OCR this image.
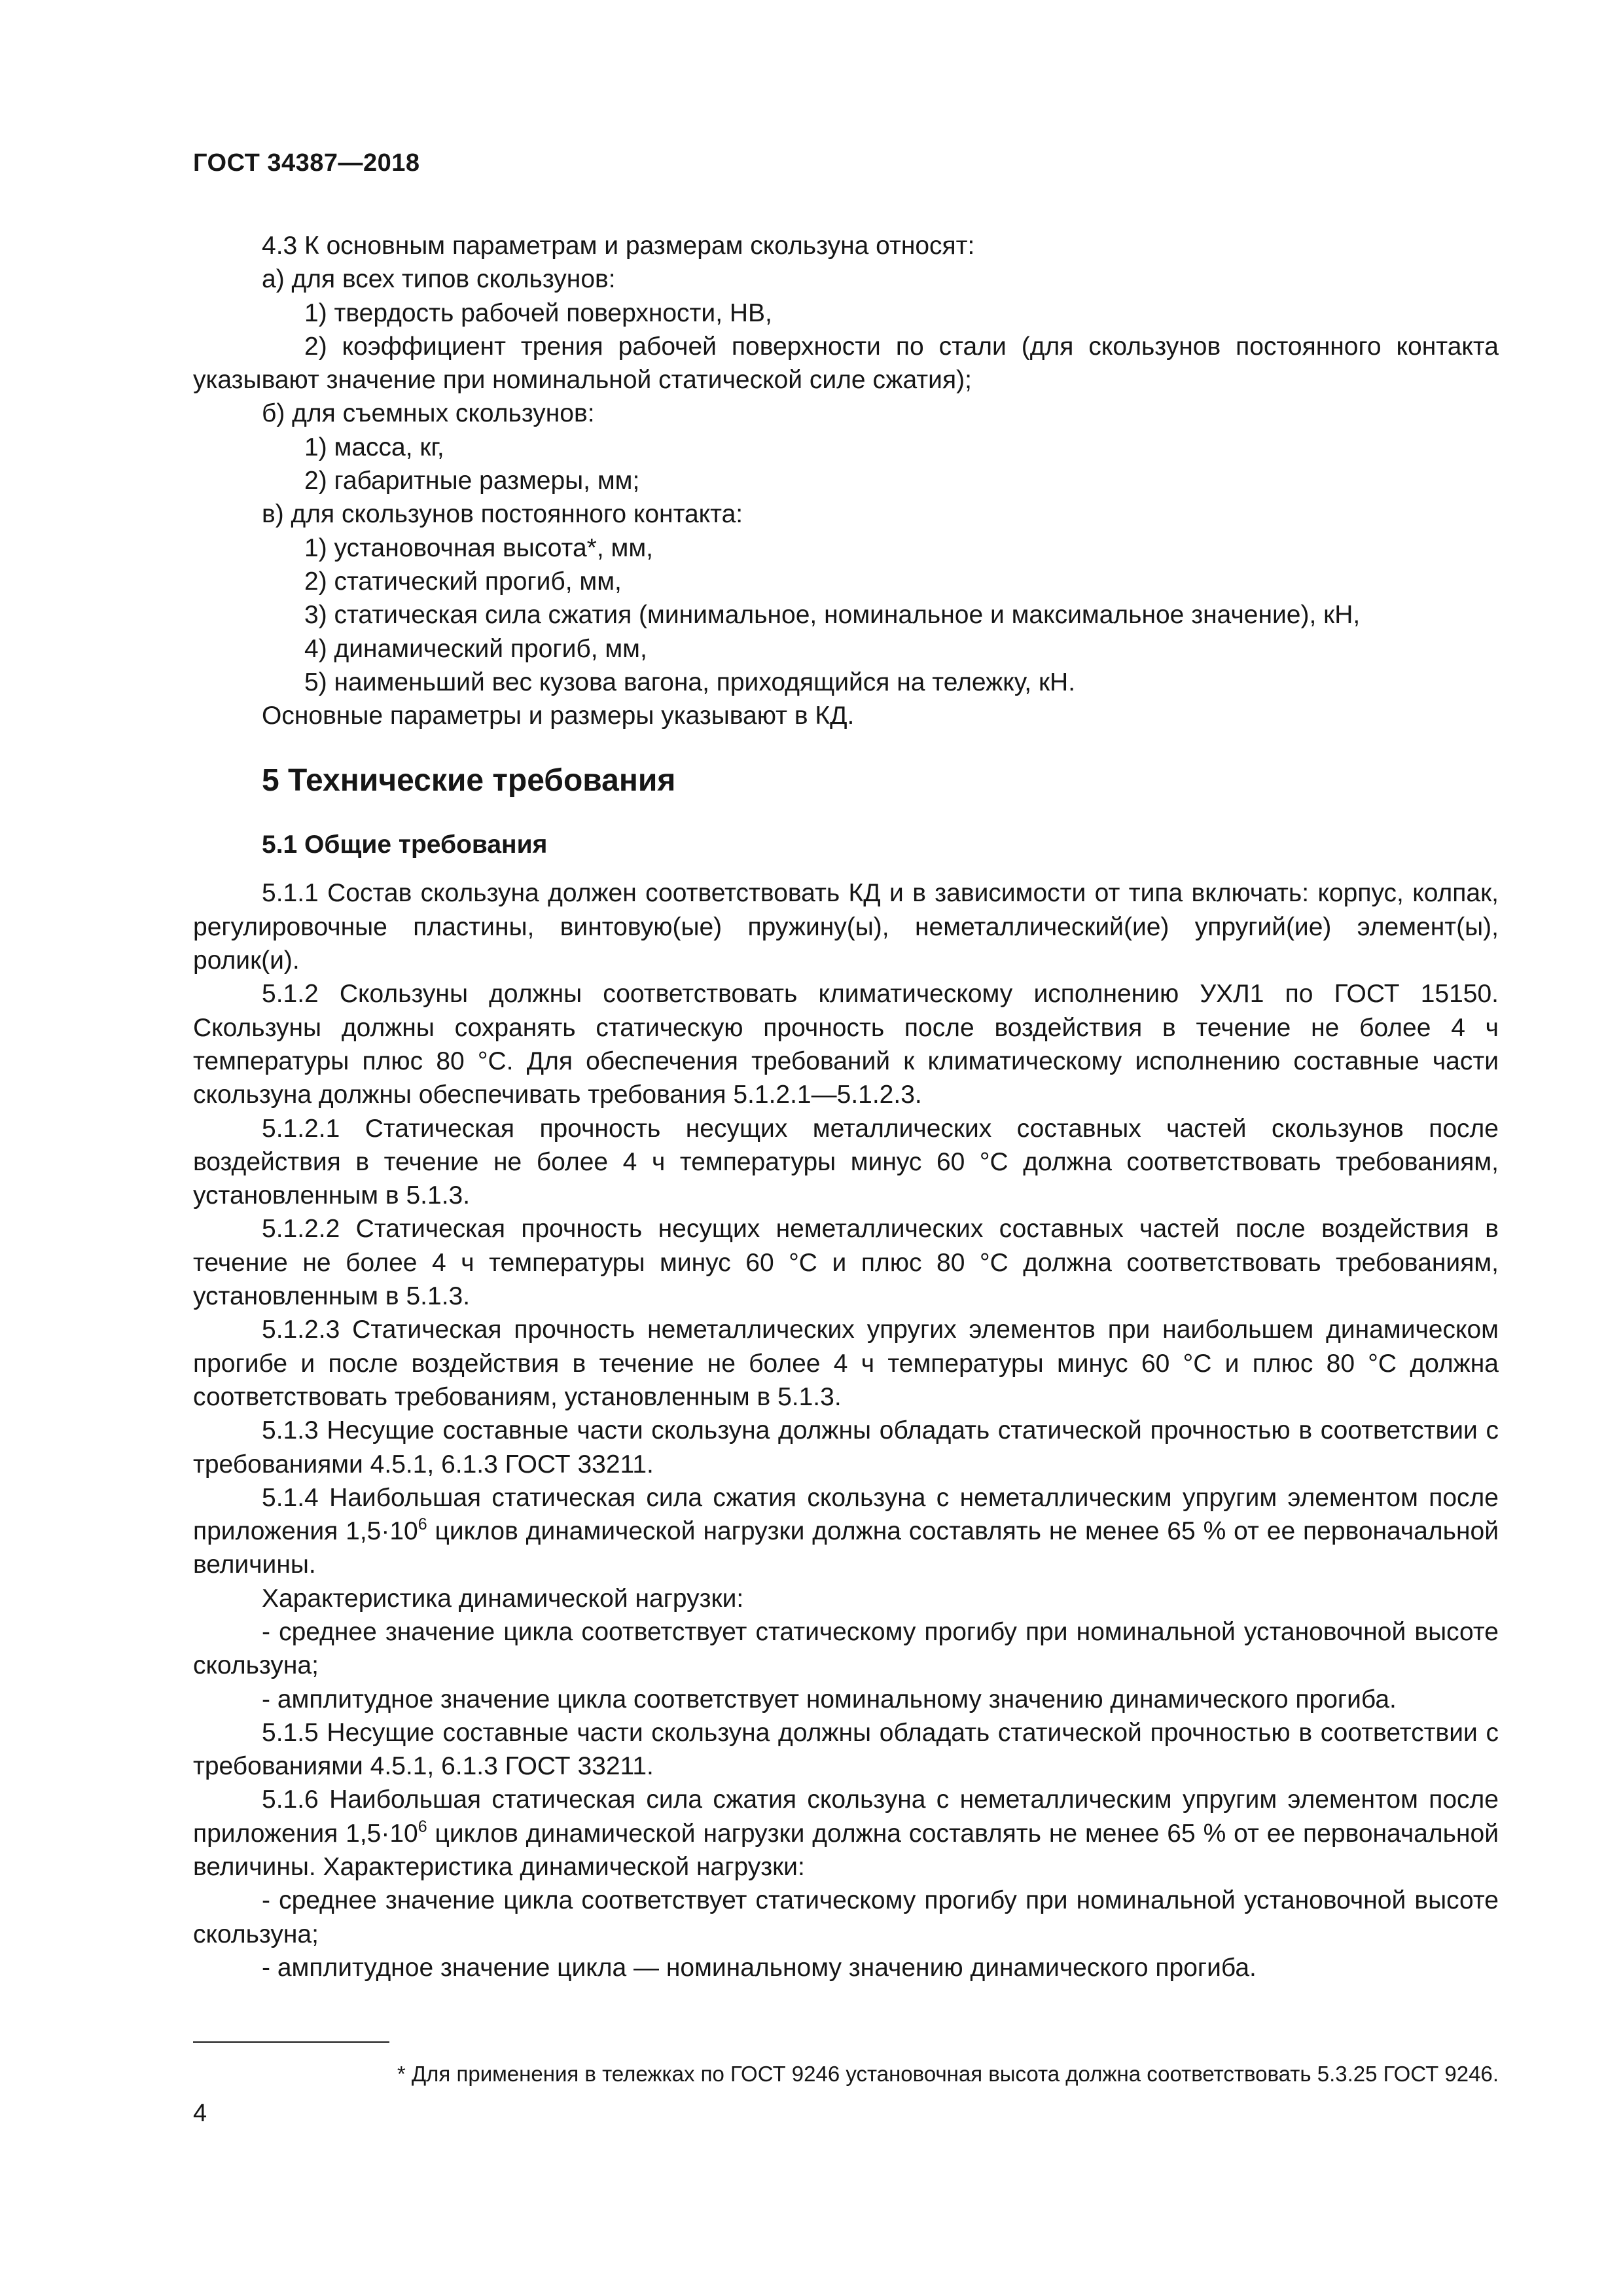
ГОСТ 34387—2018

4.3 К основным параметрам и размерам скользуна относят:

а) для всех типов скользунов:

1) твердость рабочей поверхности, НВ,

2) коэффициент трения рабочей поверхности по стали (для скользунов постоянного контакта указывают значение при номинальной статической силе сжатия);

б) для съемных скользунов:

1) масса, кг,

2) габаритные размеры, мм;

в) для скользунов постоянного контакта:

1) установочная высота*, мм,

2) статический прогиб, мм,

3) статическая сила сжатия (минимальное, номинальное и максимальное значение), кН,

4) динамический прогиб, мм,

5) наименьший вес кузова вагона, приходящийся на тележку, кН.

Основные параметры и размеры указывают в КД.

5 Технические требования

5.1 Общие требования

5.1.1 Состав скользуна должен соответствовать КД и в зависимости от типа включать: корпус, колпак, регулировочные пластины, винтовую(ые) пружину(ы), неметаллический(ие) упругий(ие) элемент(ы), ролик(и).

5.1.2 Скользуны должны соответствовать климатическому исполнению УХЛ1 по ГОСТ 15150. Скользуны должны сохранять статическую прочность после воздействия в течение не более 4 ч температуры плюс 80 °С. Для обеспечения требований к климатическому исполнению составные части скользуна должны обеспечивать требования 5.1.2.1—5.1.2.3.

5.1.2.1 Статическая прочность несущих металлических составных частей скользунов после воздействия в течение не более 4 ч температуры минус 60 °С должна соответствовать требованиям, установленным в 5.1.3.

5.1.2.2 Статическая прочность несущих неметаллических составных частей после воздействия в течение не более 4 ч температуры минус 60 °С и плюс 80 °С должна соответствовать требованиям, установленным в 5.1.3.

5.1.2.3 Статическая прочность неметаллических упругих элементов при наибольшем динамическом прогибе и после воздействия в течение не более 4 ч температуры минус 60 °С и плюс 80 °С должна соответствовать требованиям, установленным в 5.1.3.

5.1.3 Несущие составные части скользуна должны обладать статической прочностью в соответствии с требованиями 4.5.1, 6.1.3 ГОСТ 33211.

5.1.4 Наибольшая статическая сила сжатия скользуна с неметаллическим упругим элементом после приложения $1,5\cdot 10^6$ циклов динамической нагрузки должна составлять не менее 65 % от ее первоначальной величины.

Характеристика динамической нагрузки:

- среднее значение цикла соответствует статическому прогибу при номинальной установочной высоте скользуна;

- амплитудное значение цикла соответствует номинальному значению динамического прогиба.

5.1.5 Несущие составные части скользуна должны обладать статической прочностью в соответствии с требованиями 4.5.1, 6.1.3 ГОСТ 33211.

5.1.6 Наибольшая статическая сила сжатия скользуна с неметаллическим упругим элементом после приложения $1,5\cdot 10^6$ циклов динамической нагрузки должна составлять не менее 65 % от ее первоначальной величины. Характеристика динамической нагрузки:

- среднее значение цикла соответствует статическому прогибу при номинальной установочной высоте скользуна;

- амплитудное значение цикла — номинальному значению динамического прогиба.

* Для применения в тележках по ГОСТ 9246 установочная высота должна соответствовать 5.3.25 ГОСТ 9246.
4
